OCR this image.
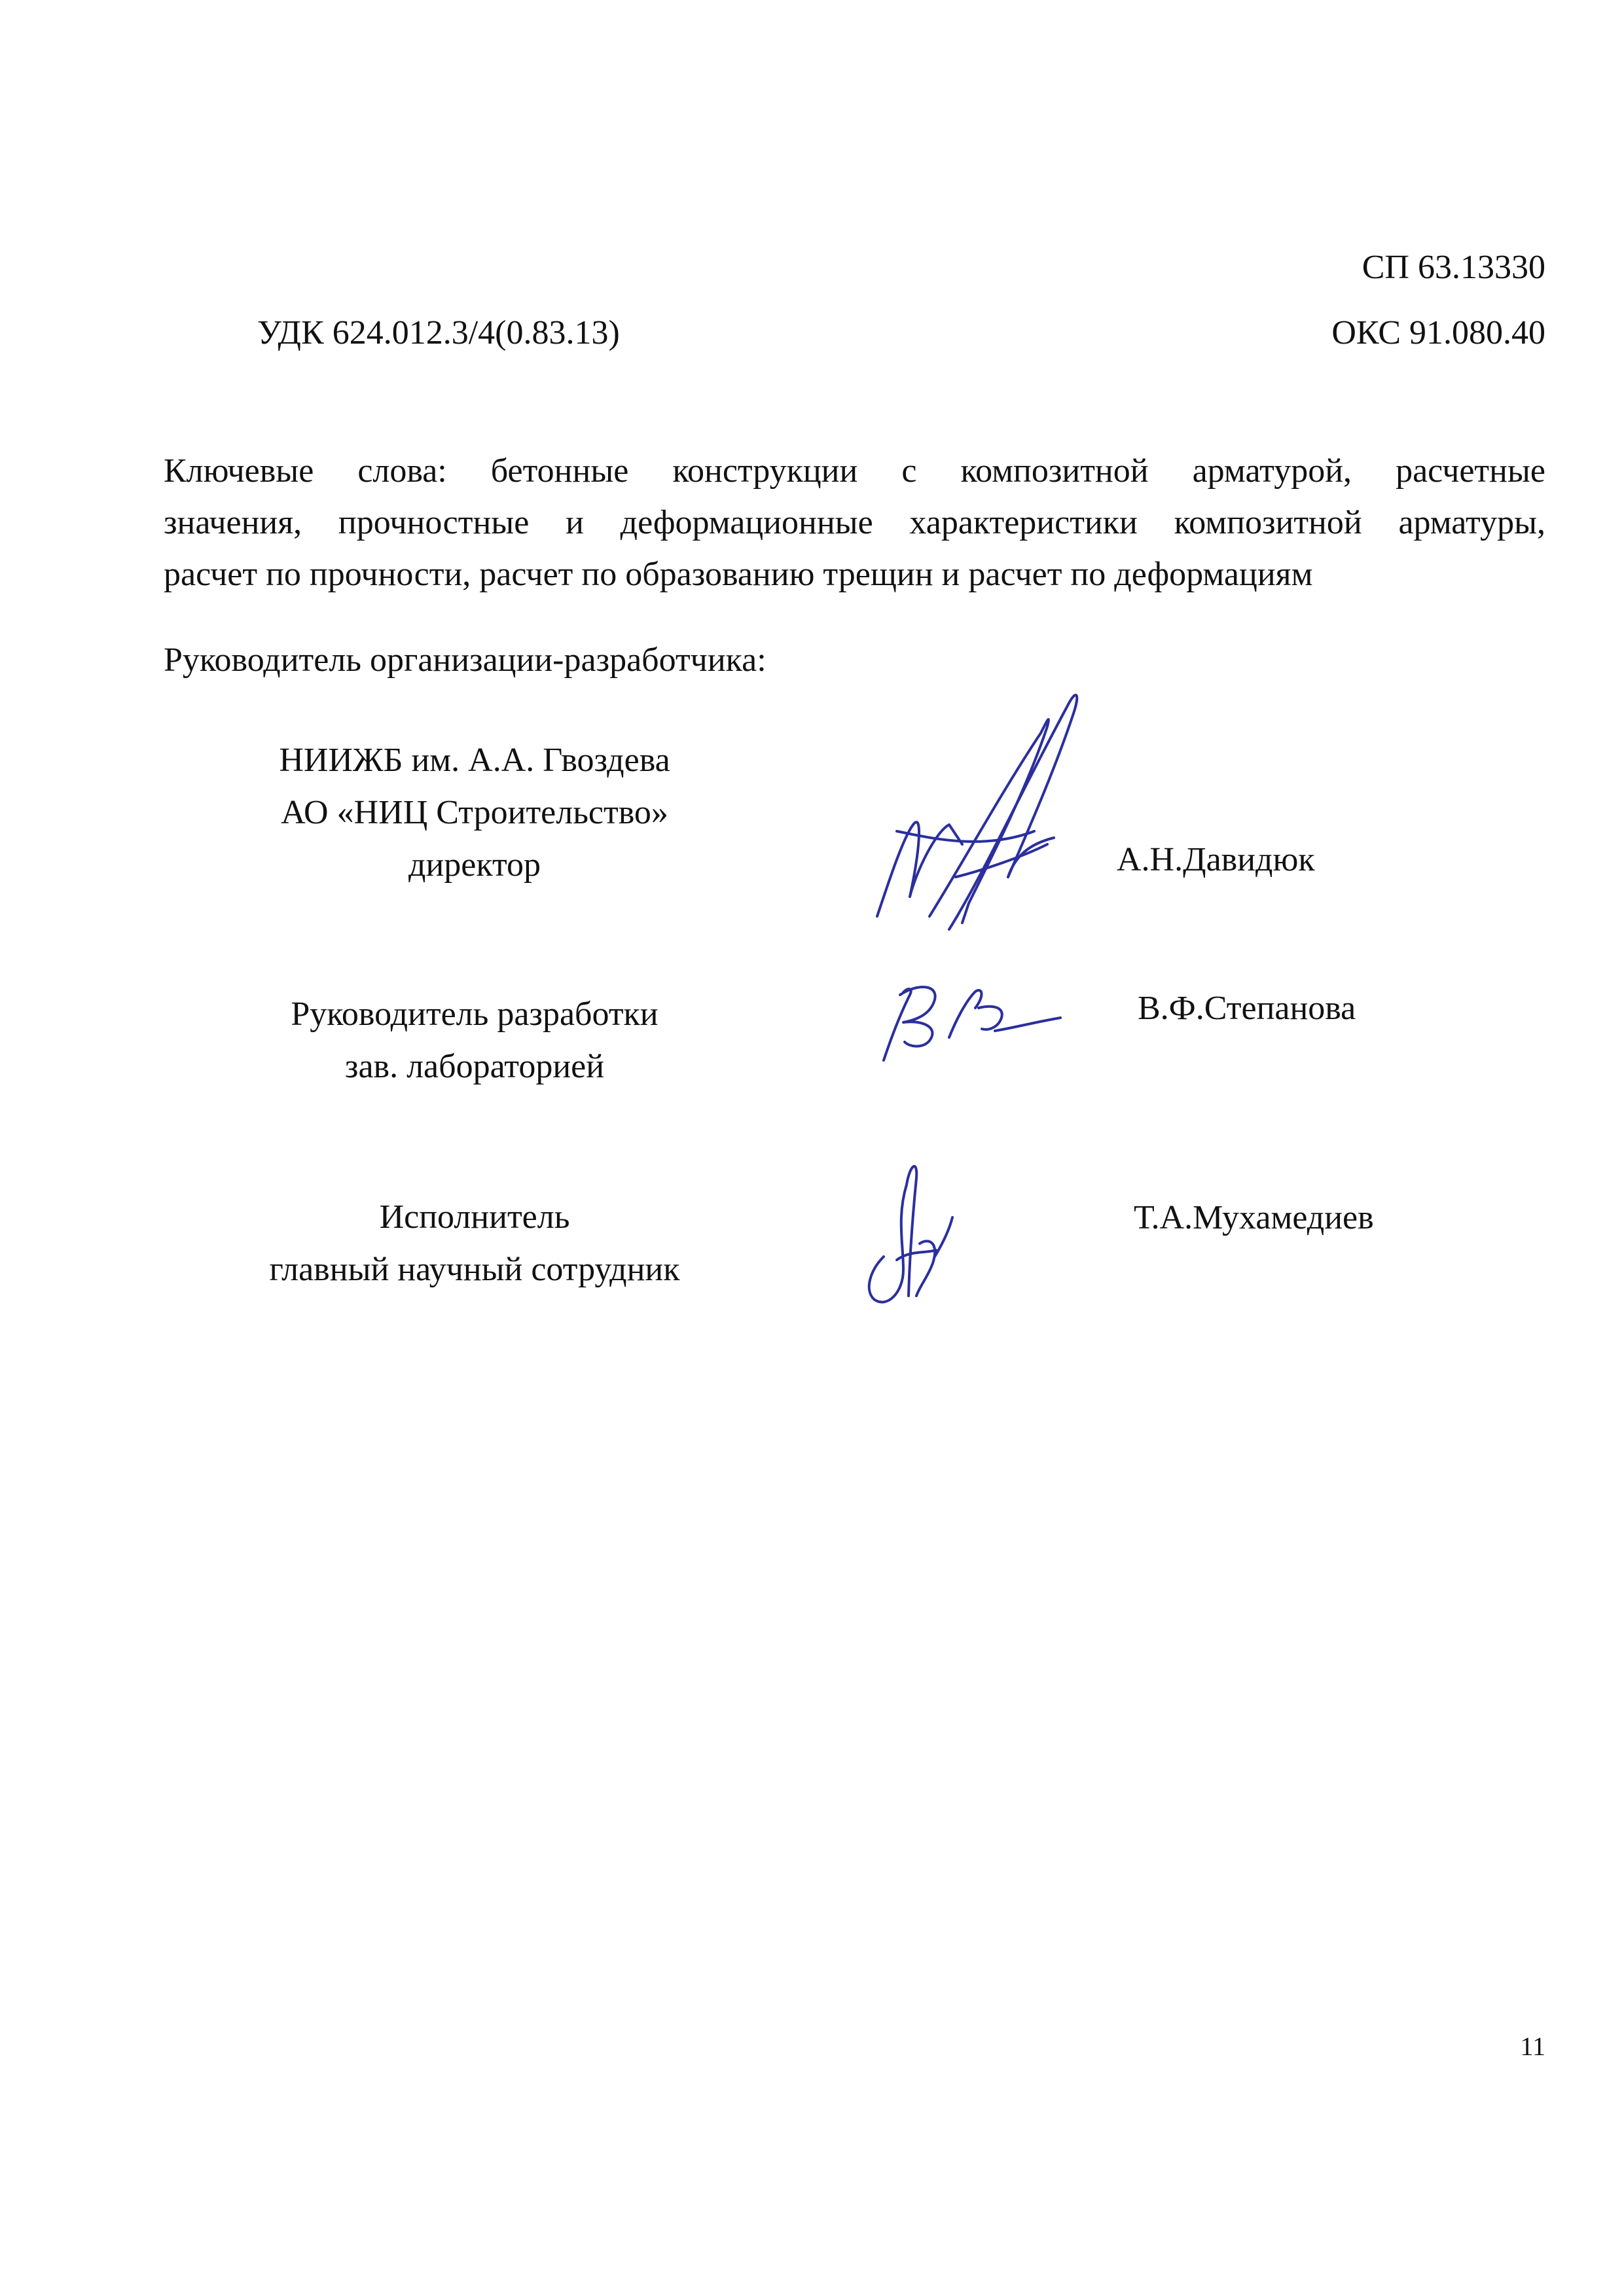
СП 63.13330
УДК 624.012.3/4(0.83.13)	ОКС 91.080.40
Ключевые слова: бетонные конструкции с композитной арматурой, расчетные
значения, прочностные и деформационные характеристики композитной арматуры,
расчет по прочности, расчет по образованию трещин и расчет по деформациям
Руководитель организации-разработчика:
НИИЖБ им. А.А. Гвоздева
АО «НИЦ Строительство»
директор	А.Н.Давидюк
Руководитель разработки
зав. лабораторией
В.Ф.Степанова
Исполнитель
главный научный сотрудник
Т.А.Мухамедиев
11
